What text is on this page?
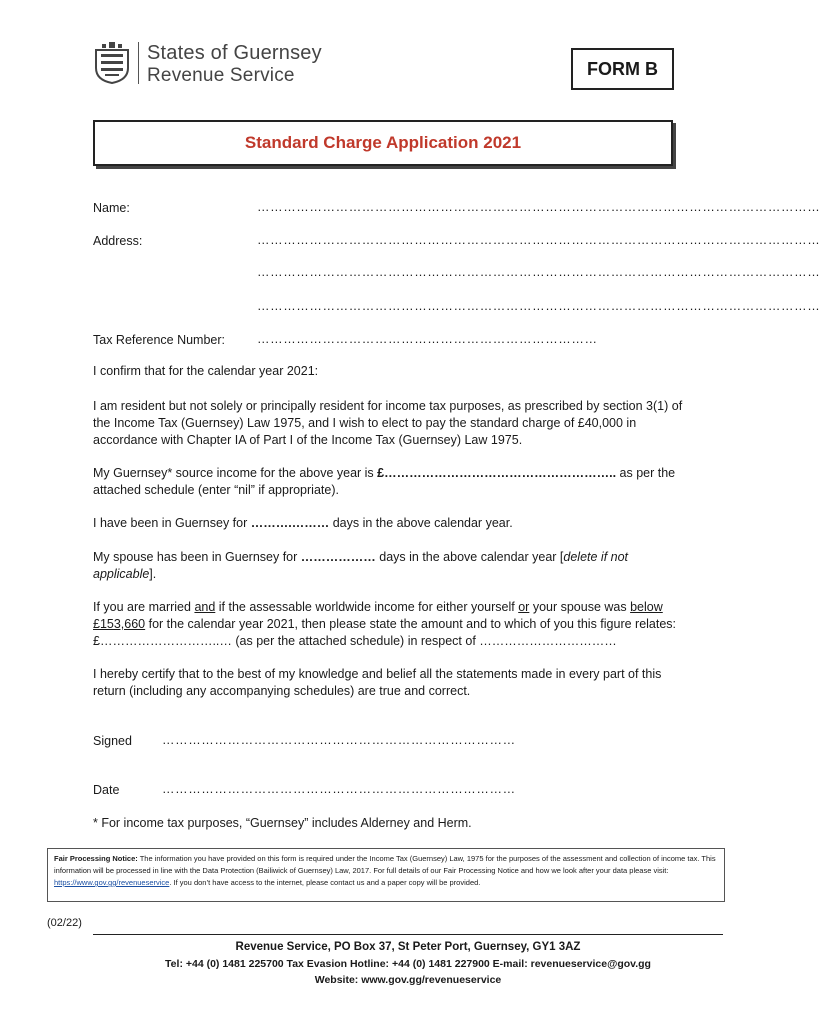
States of Guernsey
Revenue Service	FORM B
Standard Charge Application 2021
Name:	…………………………………………………………………………………………………………………
Address:	…………………………………………………………………………………………………………………
…………………………………………………………………………………………………………………
…………………………………………………………………………………………………………………
Tax Reference Number:	……………………………………………………………………
I confirm that for the calendar year 2021:
I am resident but not solely or principally resident for income tax purposes, as prescribed by section 3(1) of the Income Tax (Guernsey) Law 1975, and I wish to elect to pay the standard charge of £40,000 in accordance with Chapter IA of Part I of the Income Tax (Guernsey) Law 1975.
My Guernsey* source income for the above year is £……………………………………………….. as per the attached schedule (enter “nil” if appropriate).
I have been in Guernsey for ……….……… days in the above calendar year.
My spouse has been in Guernsey for ……………… days in the above calendar year [delete if not applicable].
If you are married and if the assessable worldwide income for either yourself or your spouse was below £153,660 for the calendar year 2021, then please state the amount and to which of you this figure relates: £………………………..… (as per the attached schedule) in respect of ……………………………
I hereby certify that to the best of my knowledge and belief all the statements made in every part of this return (including any accompanying schedules) are true and correct.
Signed ………………………………………………………………………
Date	………………………………………………………………………
* For income tax purposes, “Guernsey” includes Alderney and Herm.
Fair Processing Notice: The information you have provided on this form is required under the Income Tax (Guernsey) Law, 1975 for the purposes of the assessment and collection of income tax. This information will be processed in line with the Data Protection (Bailiwick of Guernsey) Law, 2017. For full details of our Fair Processing Notice and how we look after your data please visit: https://www.gov.gg/revenueservice. If you don’t have access to the internet, please contact us and a paper copy will be provided.
(02/22)
Revenue Service, PO Box 37, St Peter Port, Guernsey, GY1 3AZ
Tel: +44 (0) 1481 225700 Tax Evasion Hotline: +44 (0) 1481 227900 E-mail: revenueservice@gov.gg
Website: www.gov.gg/revenueservice
